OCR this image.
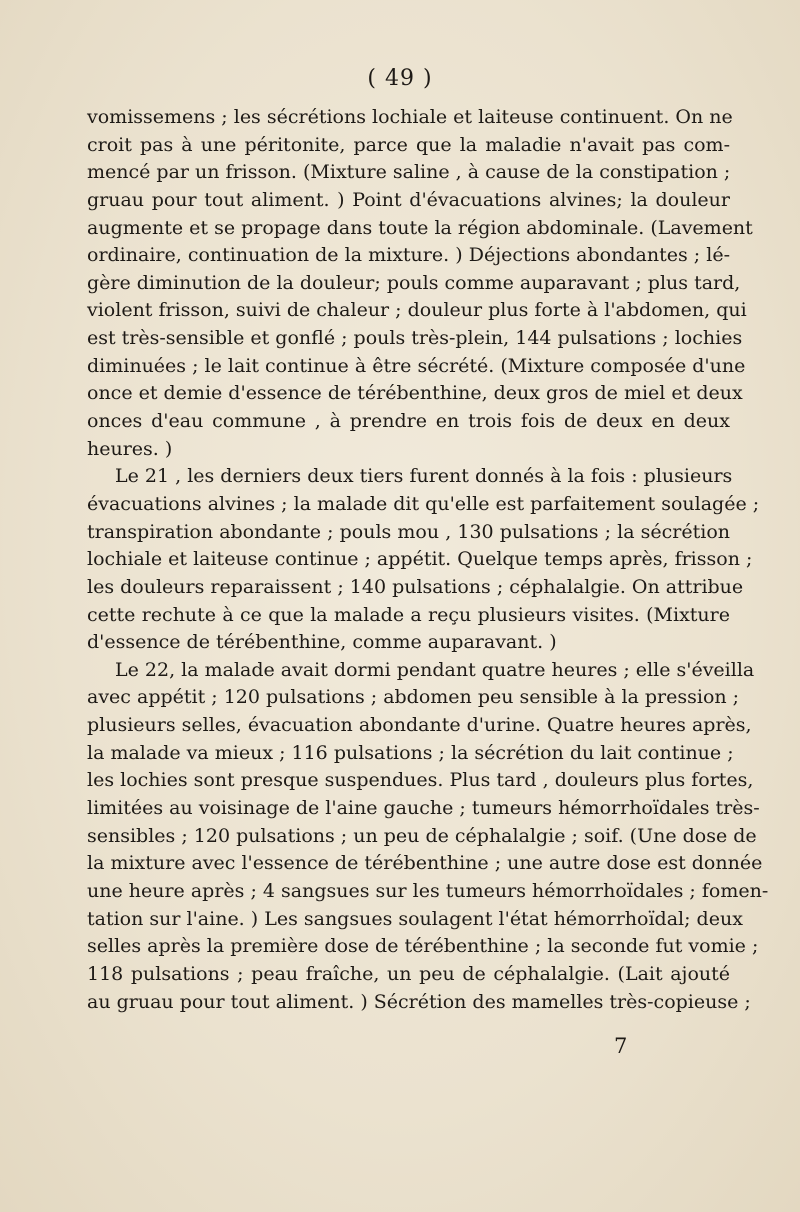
( 49 )
vomissemens ; les sécrétions lochiale et laiteuse continuent. On ne
croit pas à une péritonite, parce que la maladie n'avait pas com-
mencé par un frisson. (Mixture saline , à cause de la constipation ;
gruau pour tout aliment. ) Point d'évacuations alvines; la douleur
augmente et se propage dans toute la région abdominale. (Lavement
ordinaire, continuation de la mixture. ) Déjections abondantes ; lé-
gère diminution de la douleur; pouls comme auparavant ; plus tard,
violent frisson, suivi de chaleur ; douleur plus forte à l'abdomen, qui
est très-sensible et gonflé ; pouls très-plein, 144 pulsations ; lochies
diminuées ; le lait continue à être sécrété. (Mixture composée d'une
once et demie d'essence de térébenthine, deux gros de miel et deux
onces d'eau commune , à prendre en trois fois de deux en deux
heures. )
Le 21 , les derniers deux tiers furent donnés à la fois : plusieurs
évacuations alvines ; la malade dit qu'elle est parfaitement soulagée ;
transpiration abondante ; pouls mou , 130 pulsations ; la sécrétion
lochiale et laiteuse continue ; appétit. Quelque temps après, frisson ;
les douleurs reparaissent ; 140 pulsations ; céphalalgie. On attribue
cette rechute à ce que la malade a reçu plusieurs visites. (Mixture
d'essence de térébenthine, comme auparavant. )
Le 22, la malade avait dormi pendant quatre heures ; elle s'éveilla
avec appétit ; 120 pulsations ; abdomen peu sensible à la pression ;
plusieurs selles, évacuation abondante d'urine. Quatre heures après,
la malade va mieux ; 116 pulsations ; la sécrétion du lait continue ;
les lochies sont presque suspendues. Plus tard , douleurs plus fortes,
limitées au voisinage de l'aine gauche ; tumeurs hémorrhoïdales très-
sensibles ; 120 pulsations ; un peu de céphalalgie ; soif. (Une dose de
la mixture avec l'essence de térébenthine ; une autre dose est donnée
une heure après ; 4 sangsues sur les tumeurs hémorrhoïdales ; fomen-
tation sur l'aine. ) Les sangsues soulagent l'état hémorrhoïdal; deux
selles après la première dose de térébenthine ; la seconde fut vomie ;
118 pulsations ; peau fraîche, un peu de céphalalgie. (Lait ajouté
au gruau pour tout aliment. ) Sécrétion des mamelles très-copieuse ;
7
